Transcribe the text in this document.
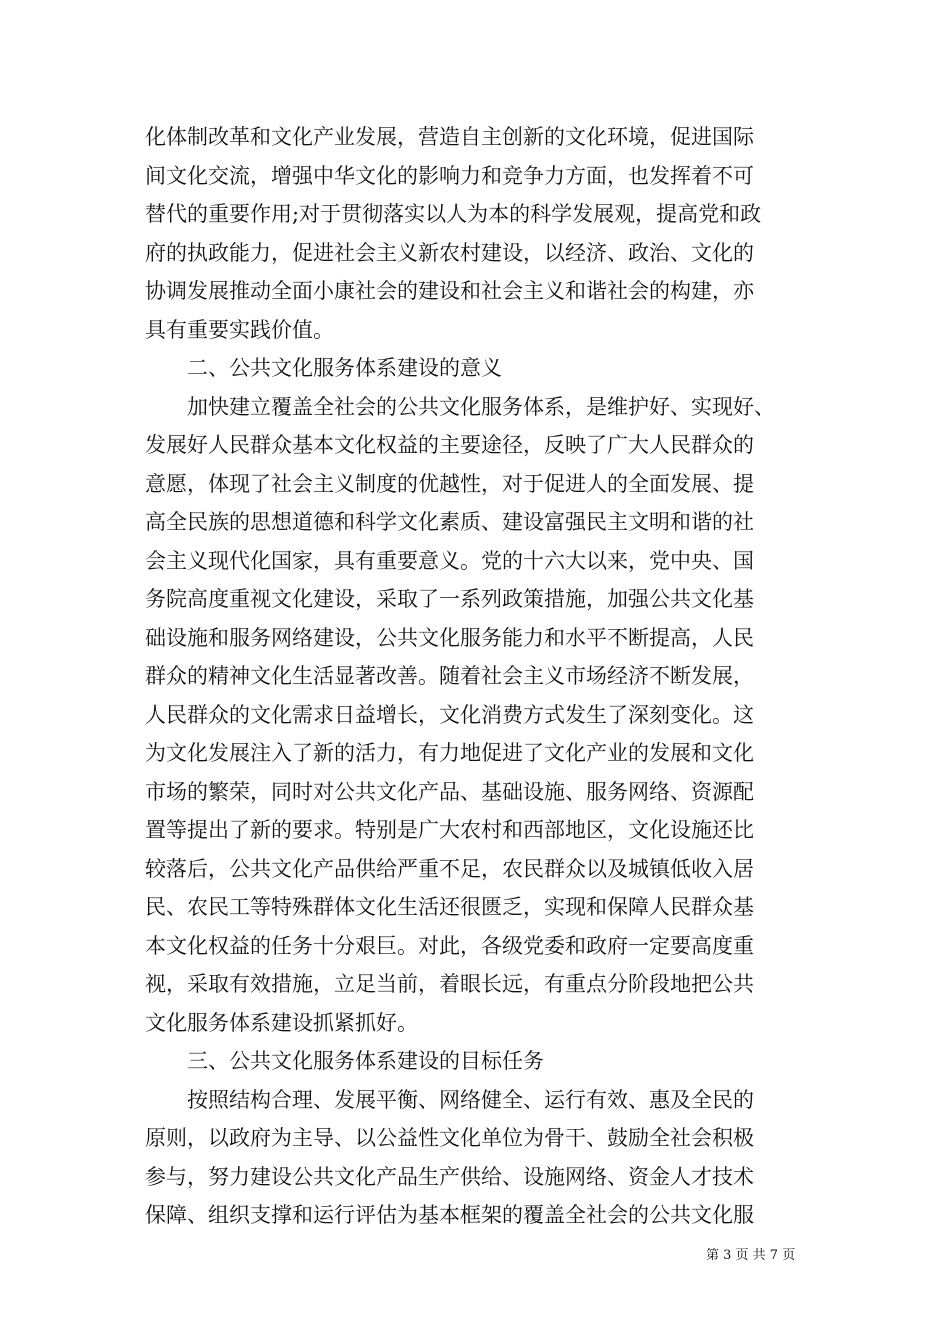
化体制改革和文化产业发展，营造自主创新的文化环境，促进国际
间文化交流，增强中华文化的影响力和竞争力方面，也发挥着不可
替代的重要作用;对于贯彻落实以人为本的科学发展观，提高党和政
府的执政能力，促进社会主义新农村建设，以经济、政治、文化的
协调发展推动全面小康社会的建设和社会主义和谐社会的构建，亦
具有重要实践价值。
二、公共文化服务体系建设的意义
加快建立覆盖全社会的公共文化服务体系，是维护好、实现好、
发展好人民群众基本文化权益的主要途径，反映了广大人民群众的
意愿，体现了社会主义制度的优越性，对于促进人的全面发展、提
高全民族的思想道德和科学文化素质、建设富强民主文明和谐的社
会主义现代化国家，具有重要意义。党的十六大以来，党中央、国
务院高度重视文化建设，采取了一系列政策措施，加强公共文化基
础设施和服务网络建设，公共文化服务能力和水平不断提高，人民
群众的精神文化生活显著改善。随着社会主义市场经济不断发展，
人民群众的文化需求日益增长，文化消费方式发生了深刻变化。这
为文化发展注入了新的活力，有力地促进了文化产业的发展和文化
市场的繁荣，同时对公共文化产品、基础设施、服务网络、资源配
置等提出了新的要求。特别是广大农村和西部地区，文化设施还比
较落后，公共文化产品供给严重不足，农民群众以及城镇低收入居
民、农民工等特殊群体文化生活还很匮乏，实现和保障人民群众基
本文化权益的任务十分艰巨。对此，各级党委和政府一定要高度重
视，采取有效措施，立足当前，着眼长远，有重点分阶段地把公共
文化服务体系建设抓紧抓好。
三、公共文化服务体系建设的目标任务
按照结构合理、发展平衡、网络健全、运行有效、惠及全民的
原则，以政府为主导、以公益性文化单位为骨干、鼓励全社会积极
参与，努力建设公共文化产品生产供给、设施网络、资金人才技术
保障、组织支撑和运行评估为基本框架的覆盖全社会的公共文化服
第 3 页 共 7 页
